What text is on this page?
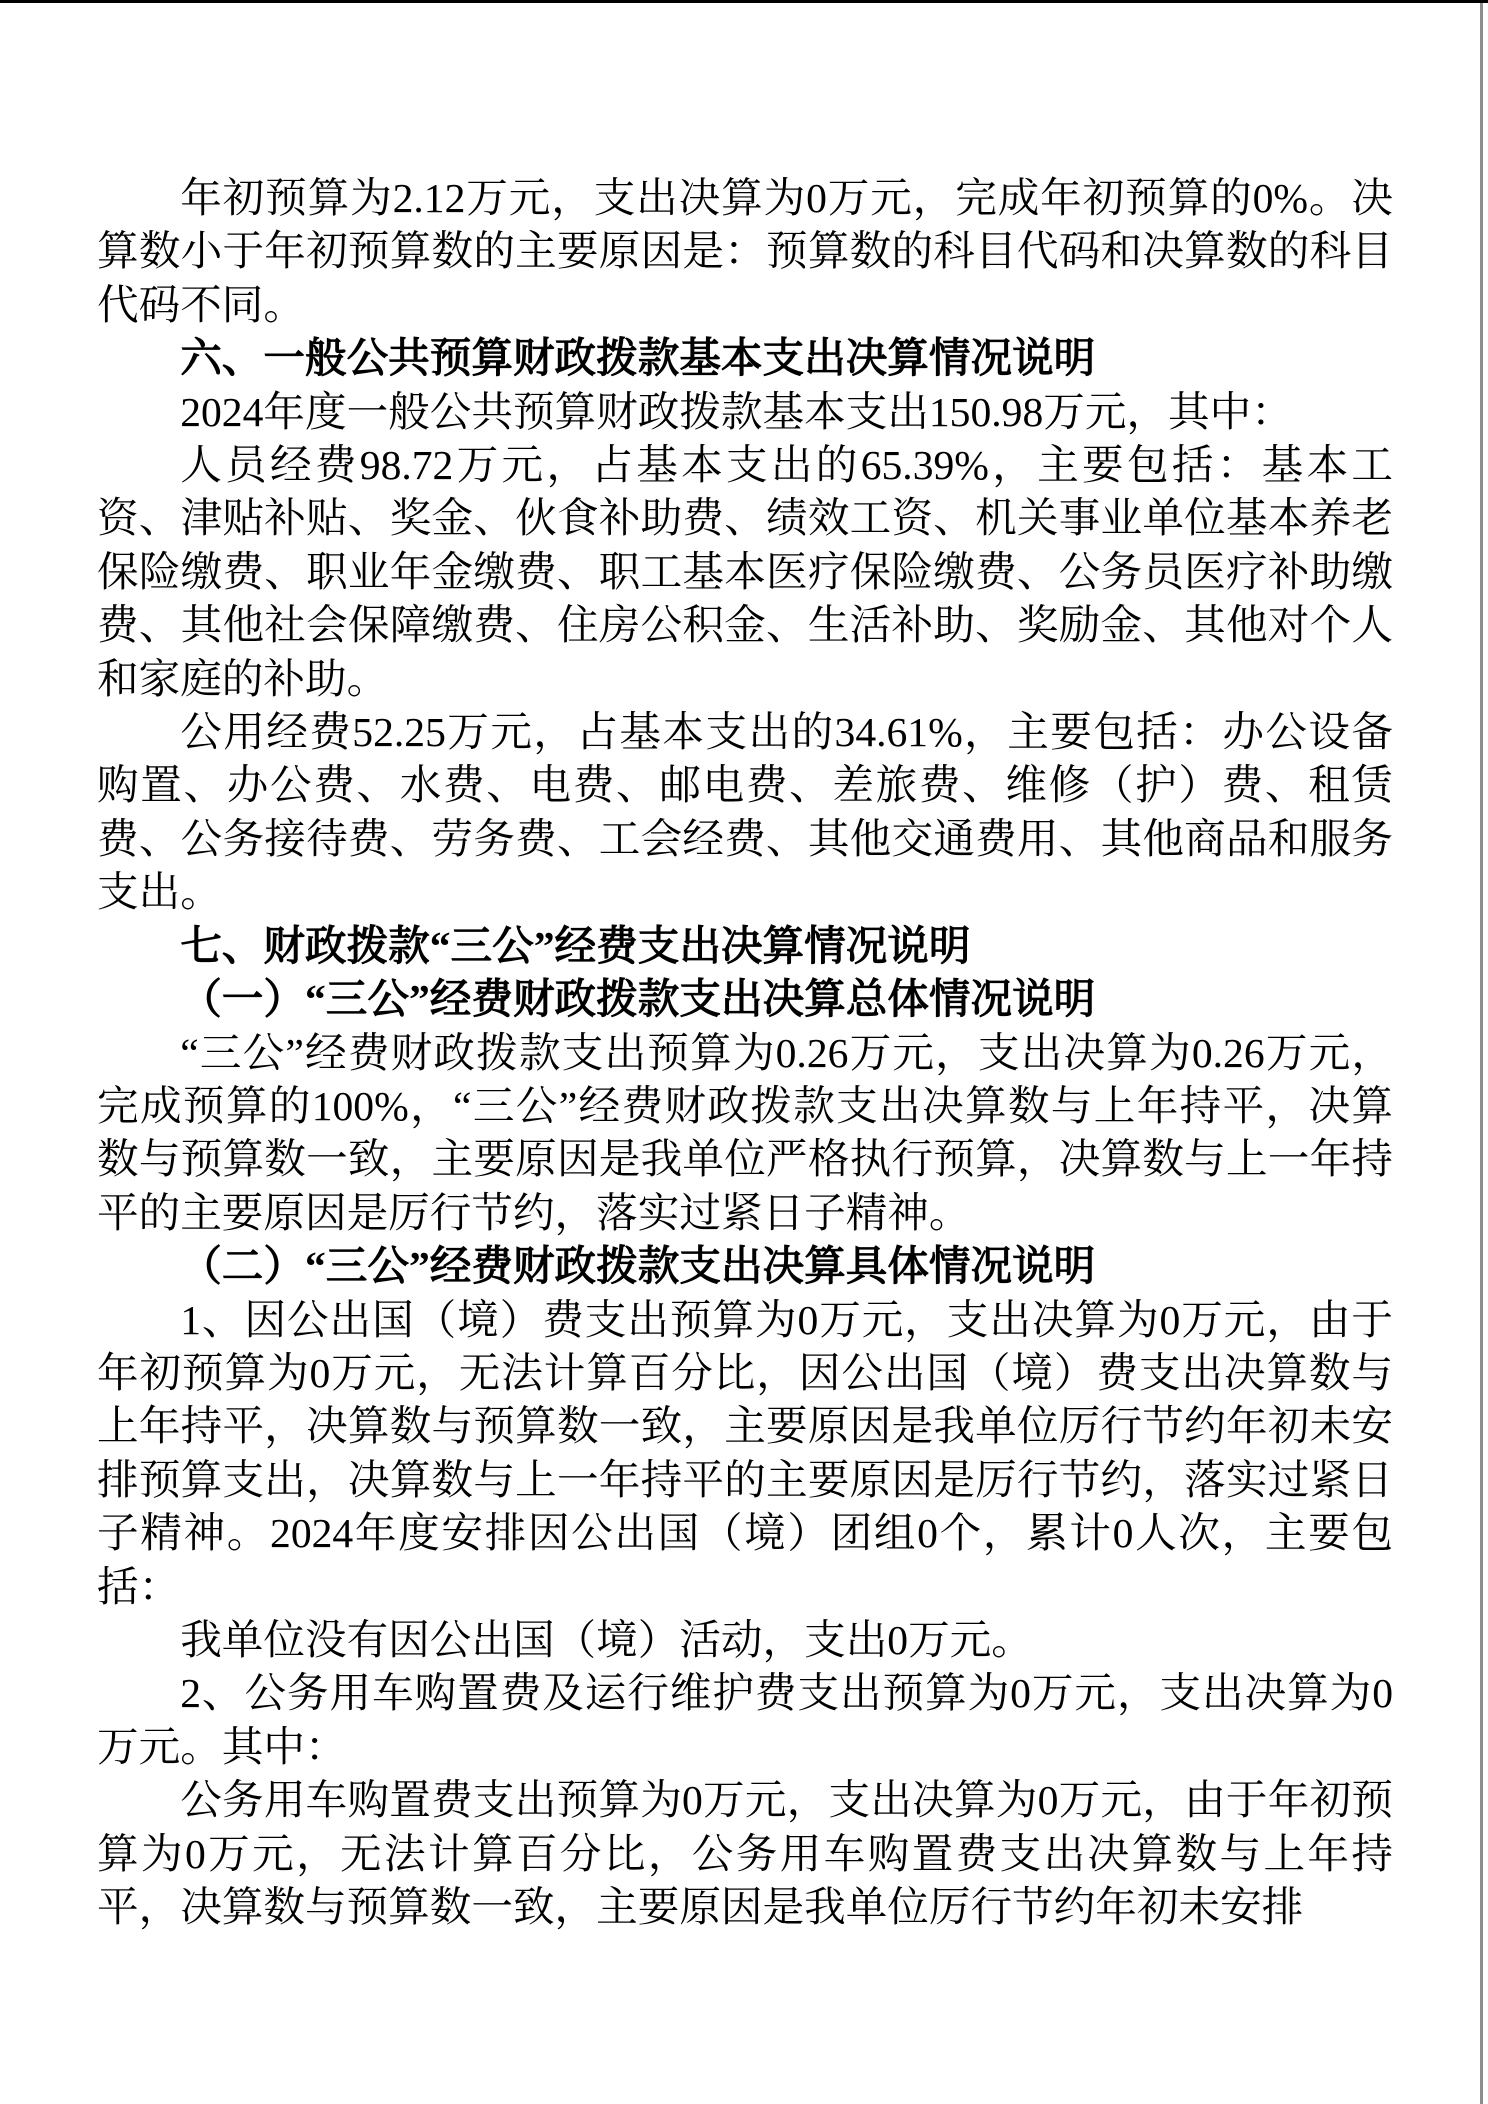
年初预算为2.12万元，支出决算为0万元，完成年初预算的0%。决算数小于年初预算数的主要原因是：预算数的科目代码和决算数的科目代码不同。

六、一般公共预算财政拨款基本支出决算情况说明

2024年度一般公共预算财政拨款基本支出150.98万元，其中：

人员经费98.72万元，占基本支出的65.39%，主要包括：基本工资、津贴补贴、奖金、伙食补助费、绩效工资、机关事业单位基本养老保险缴费、职业年金缴费、职工基本医疗保险缴费、公务员医疗补助缴费、其他社会保障缴费、住房公积金、生活补助、奖励金、其他对个人和家庭的补助。

公用经费52.25万元，占基本支出的34.61%，主要包括：办公设备购置、办公费、水费、电费、邮电费、差旅费、维修（护）费、租赁费、公务接待费、劳务费、工会经费、其他交通费用、其他商品和服务支出。

七、财政拨款“三公”经费支出决算情况说明

（一）“三公”经费财政拨款支出决算总体情况说明

“三公”经费财政拨款支出预算为0.26万元，支出决算为0.26万元，完成预算的100%，“三公”经费财政拨款支出决算数与上年持平，决算数与预算数一致，主要原因是我单位严格执行预算，决算数与上一年持平的主要原因是厉行节约，落实过紧日子精神。

（二）“三公”经费财政拨款支出决算具体情况说明

1、因公出国（境）费支出预算为0万元，支出决算为0万元，由于年初预算为0万元，无法计算百分比，因公出国（境）费支出决算数与上年持平，决算数与预算数一致，主要原因是我单位厉行节约年初未安排预算支出，决算数与上一年持平的主要原因是厉行节约，落实过紧日子精神。2024年度安排因公出国（境）团组0个，累计0人次，主要包括：

我单位没有因公出国（境）活动，支出0万元。

2、公务用车购置费及运行维护费支出预算为0万元，支出决算为0万元。其中：

公务用车购置费支出预算为0万元，支出决算为0万元，由于年初预算为0万元，无法计算百分比，公务用车购置费支出决算数与上年持平，决算数与预算数一致，主要原因是我单位厉行节约年初未安排
